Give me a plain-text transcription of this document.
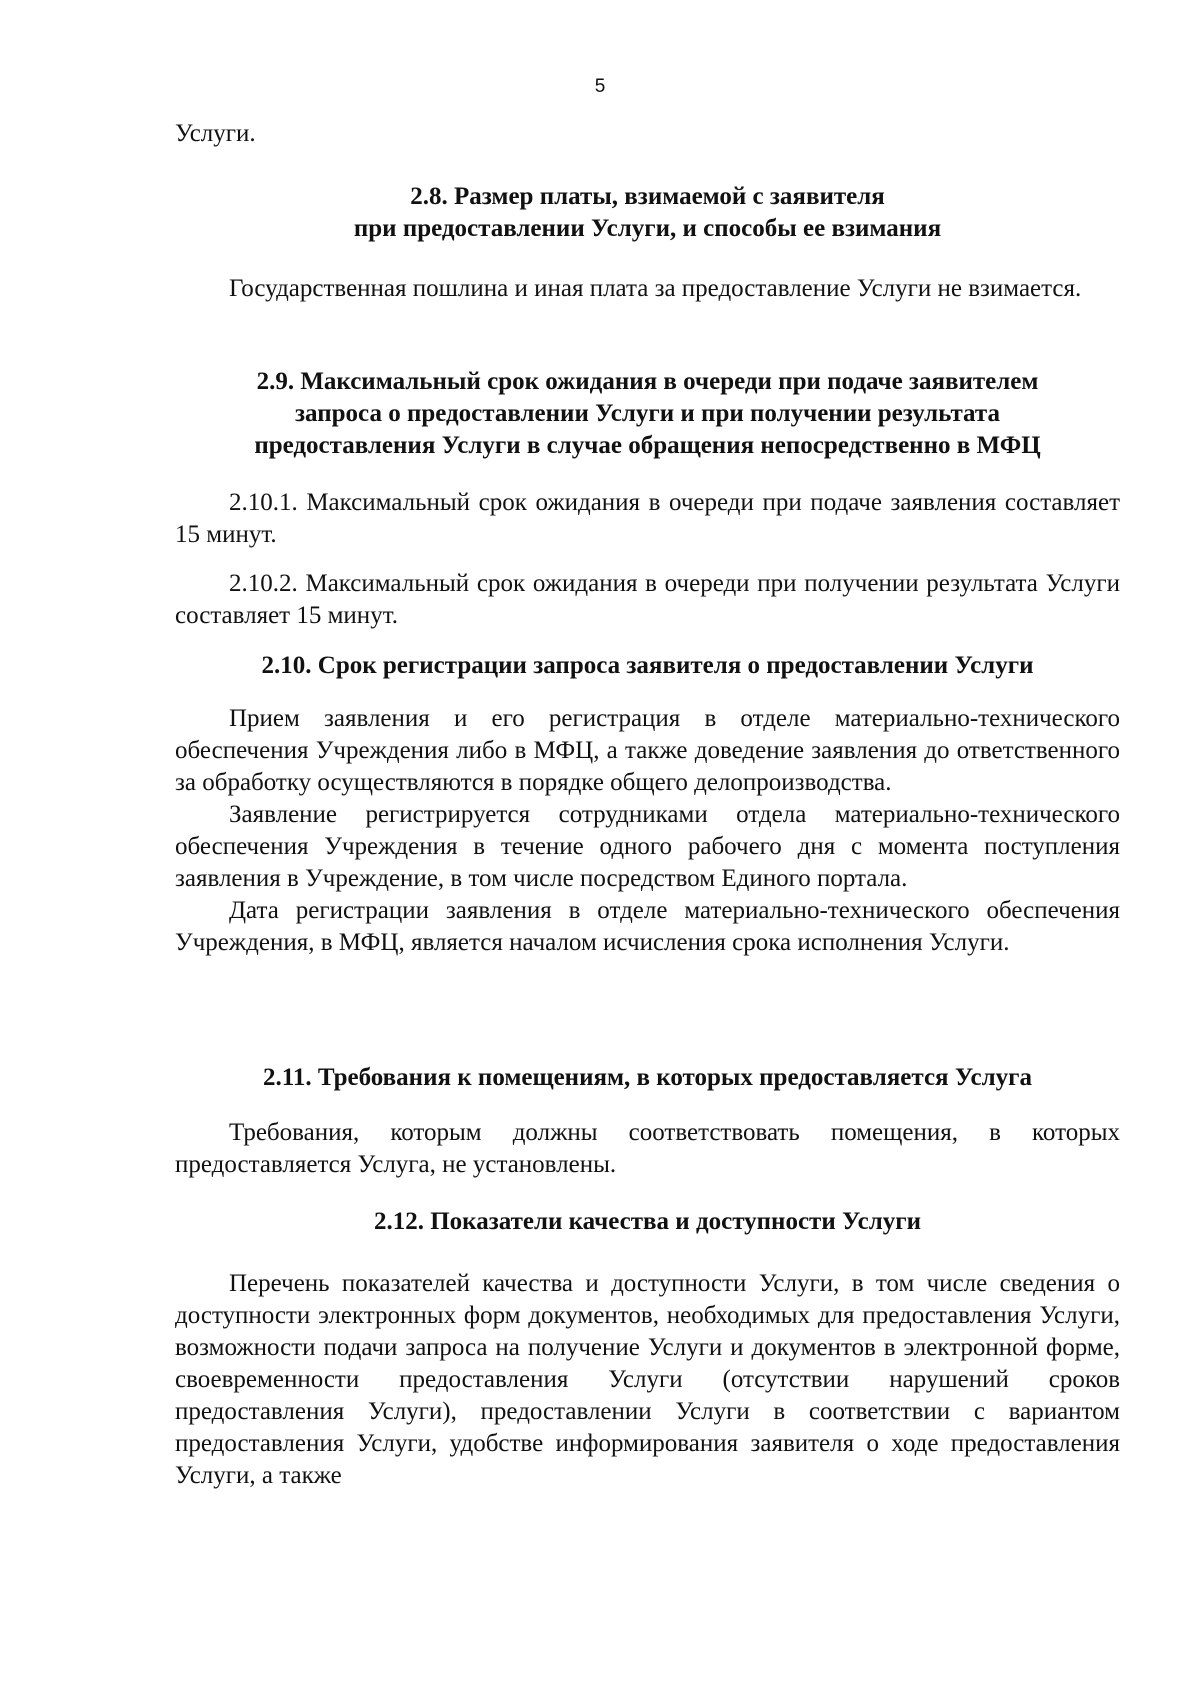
5

Услуги.

2.8. Размер платы, взимаемой с заявителя

при предоставлении Услуги, и способы ее взимания

Государственная пошлина и иная плата за предоставление Услуги не взимается.

2.9. Максимальный срок ожидания в очереди при подаче заявителем

запроса о предоставлении Услуги и при получении результата

предоставления Услуги в случае обращения непосредственно в МФЦ

2.10.1. Максимальный срок ожидания в очереди при подаче заявления составляет 15 минут.

2.10.2. Максимальный срок ожидания в очереди при получении результата Услуги составляет 15 минут.

2.10. Срок регистрации запроса заявителя о предоставлении Услуги

Прием заявления и его регистрация в отделе материально-технического обеспечения Учреждения либо в МФЦ, а также доведение заявления до ответственного за обработку осуществляются в порядке общего делопроизводства.

Заявление регистрируется сотрудниками отдела материально-технического обеспечения Учреждения в течение одного рабочего дня с момента поступления заявления в Учреждение, в том числе посредством Единого портала.

Дата регистрации заявления в отделе материально-технического обеспечения Учреждения, в МФЦ, является началом исчисления срока исполнения Услуги.

2.11. Требования к помещениям, в которых предоставляется Услуга

Требования, которым должны соответствовать помещения, в которых предоставляется Услуга, не установлены.

2.12. Показатели качества и доступности Услуги

Перечень показателей качества и доступности Услуги, в том числе сведения о доступности электронных форм документов, необходимых для предоставления Услуги, возможности подачи запроса на получение Услуги и документов в электронной форме, своевременности предоставления Услуги (отсутствии нарушений сроков предоставления Услуги), предоставлении Услуги в соответствии с вариантом предоставления Услуги, удобстве информирования заявителя о ходе предоставления Услуги, а также
